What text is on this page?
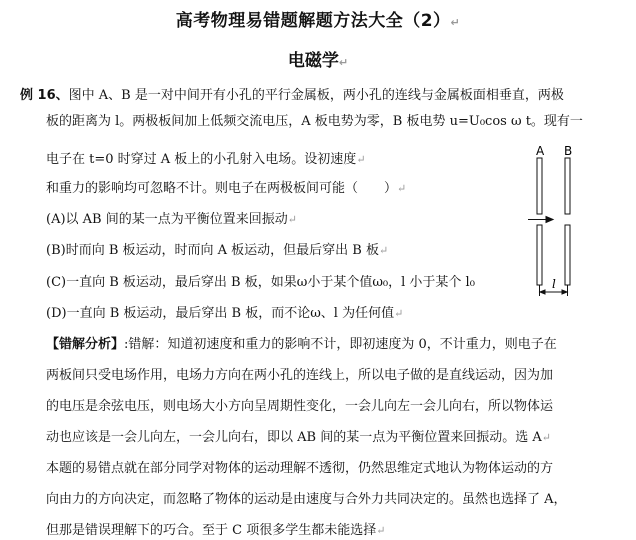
高考物理易错题解题方法大全（2）↵
电磁学↵
例 16、图中 A、B 是一对中间开有小孔的平行金属板，两小孔的连线与金属板面相垂直，两极
板的距离为 l。两极板间加上低频交流电压，A 板电势为零，B 板电势 u=U₀cos ω t。现有一
电子在 t=0 时穿过 A 板上的小孔射入电场。设初速度↵
和重力的影响均可忽略不计。则电子在两极板间可能（　　）↵
(A)以 AB 间的某一点为平衡位置来回振动↵
(B)时而向 B 板运动，时而向 A 板运动，但最后穿出 B 板↵
(C)一直向 B 板运动，最后穿出 B 板，如果ω小于某个值ω₀，l 小于某个 l₀
(D)一直向 B 板运动，最后穿出 B 板，而不论ω、l 为任何值↵
【错解分析】:错解：知道初速度和重力的影响不计，即初速度为 0，不计重力，则电子在
两板间只受电场作用，电场力方向在两小孔的连线上，所以电子做的是直线运动，因为加
的电压是余弦电压，则电场大小方向呈周期性变化，一会儿向左一会儿向右，所以物体运
动也应该是一会儿向左，一会儿向右，即以 AB 间的某一点为平衡位置来回振动。选 A↵
本题的易错点就在部分同学对物体的运动理解不透彻，仍然思维定式地认为物体运动的方
向由力的方向决定，而忽略了物体的运动是由速度与合外力共同决定的。虽然也选择了 A，
但那是错误理解下的巧合。至于 C 项很多学生都未能选择↵
A B
l
